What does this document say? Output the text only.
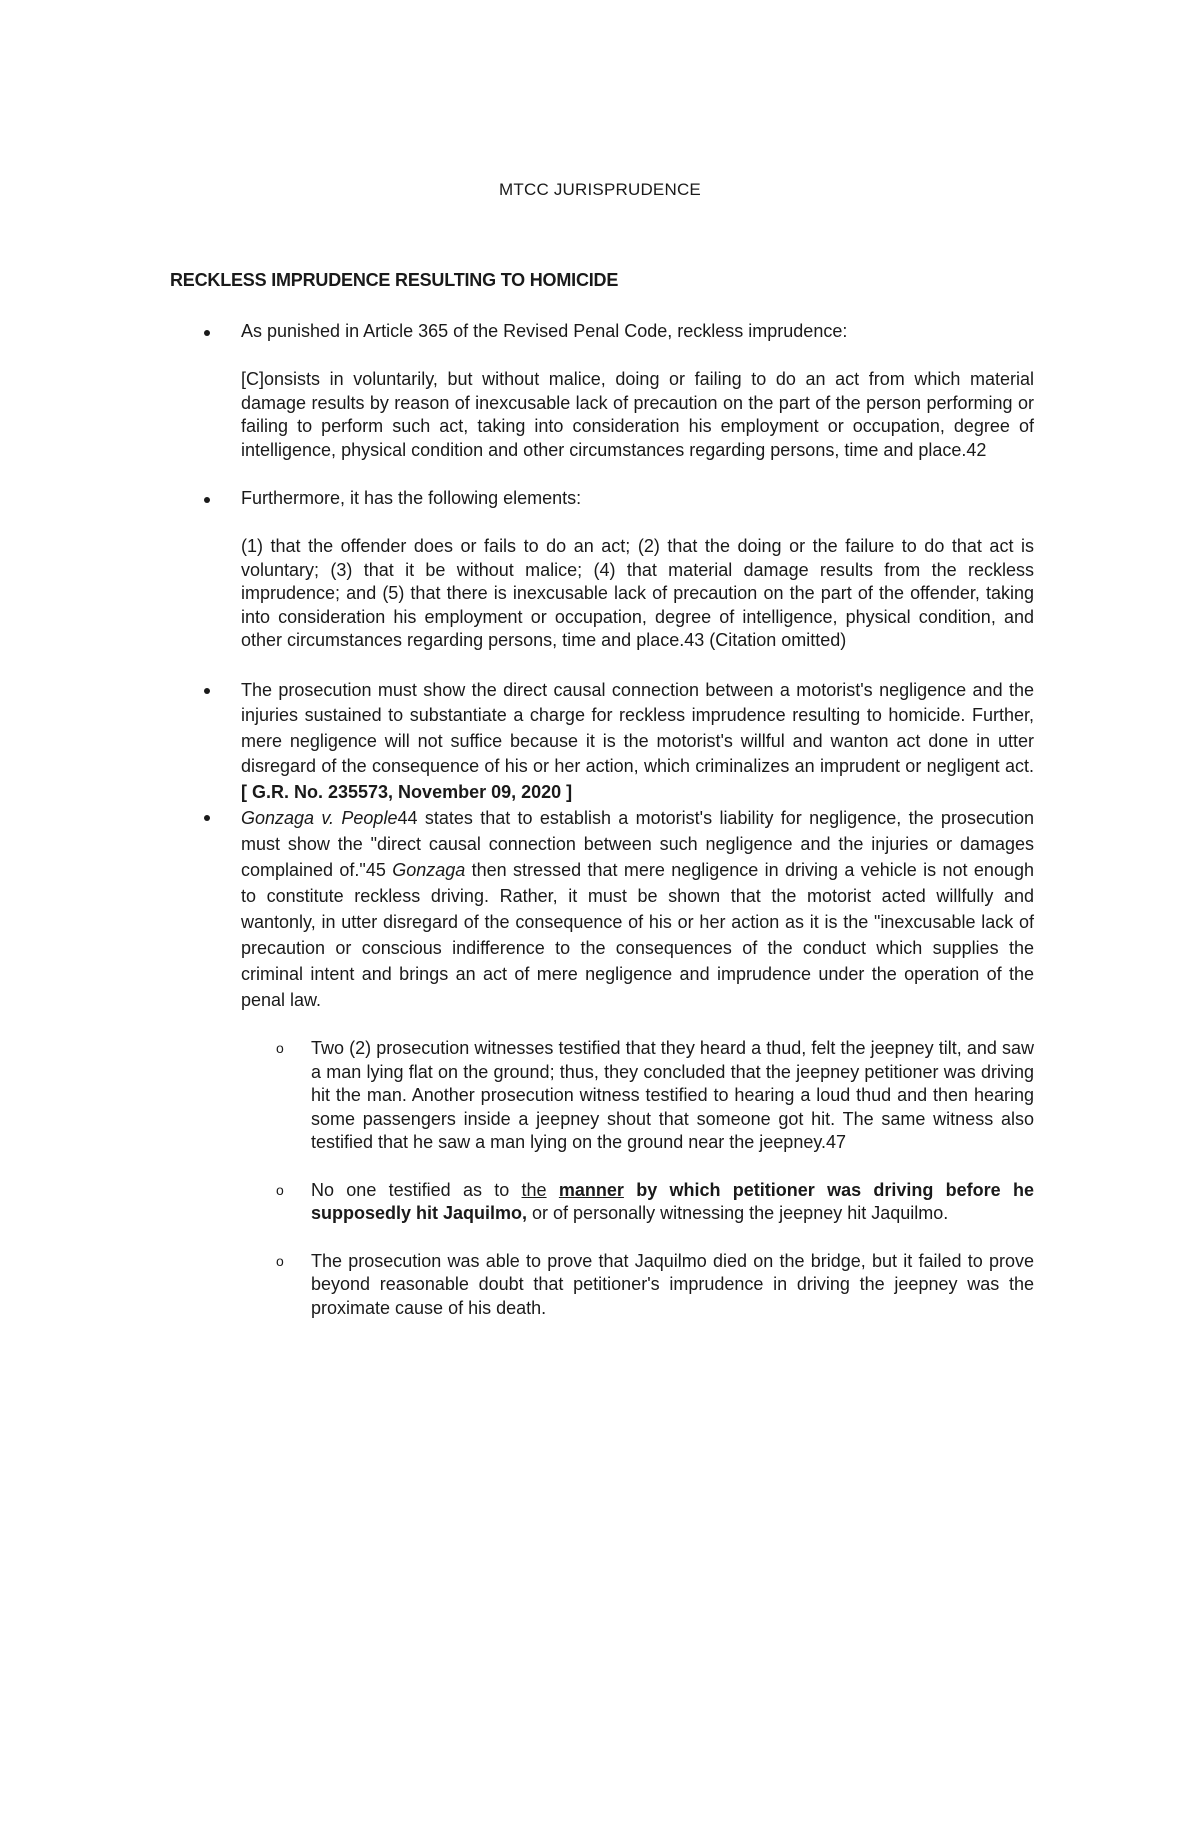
MTCC JURISPRUDENCE
RECKLESS IMPRUDENCE RESULTING TO HOMICIDE
As punished in Article 365 of the Revised Penal Code, reckless imprudence:
[C]onsists in voluntarily, but without malice, doing or failing to do an act from which material damage results by reason of inexcusable lack of precaution on the part of the person performing or failing to perform such act, taking into consideration his employment or occupation, degree of intelligence, physical condition and other circumstances regarding persons, time and place.42
Furthermore, it has the following elements:
(1) that the offender does or fails to do an act; (2) that the doing or the failure to do that act is voluntary; (3) that it be without malice; (4) that material damage results from the reckless imprudence; and (5) that there is inexcusable lack of precaution on the part of the offender, taking into consideration his employment or occupation, degree of intelligence, physical condition, and other circumstances regarding persons, time and place.43 (Citation omitted)
The prosecution must show the direct causal connection between a motorist's negligence and the injuries sustained to substantiate a charge for reckless imprudence resulting to homicide. Further, mere negligence will not suffice because it is the motorist's willful and wanton act done in utter disregard of the consequence of his or her action, which criminalizes an imprudent or negligent act.[ G.R. No. 235573, November 09, 2020 ]
Gonzaga v. People44 states that to establish a motorist's liability for negligence, the prosecution must show the "direct causal connection between such negligence and the injuries or damages complained of."45 Gonzaga then stressed that mere negligence in driving a vehicle is not enough to constitute reckless driving. Rather, it must be shown that the motorist acted willfully and wantonly, in utter disregard of the consequence of his or her action as it is the "inexcusable lack of precaution or conscious indifference to the consequences of the conduct which supplies the criminal intent and brings an act of mere negligence and imprudence under the operation of the penal law.
o Two (2) prosecution witnesses testified that they heard a thud, felt the jeepney tilt, and saw a man lying flat on the ground; thus, they concluded that the jeepney petitioner was driving hit the man. Another prosecution witness testified to hearing a loud thud and then hearing some passengers inside a jeepney shout that someone got hit. The same witness also testified that he saw a man lying on the ground near the jeepney.47
o No one testified as to the manner by which petitioner was driving before he supposedly hit Jaquilmo, or of personally witnessing the jeepney hit Jaquilmo.
o The prosecution was able to prove that Jaquilmo died on the bridge, but it failed to prove beyond reasonable doubt that petitioner's imprudence in driving the jeepney was the proximate cause of his death.
